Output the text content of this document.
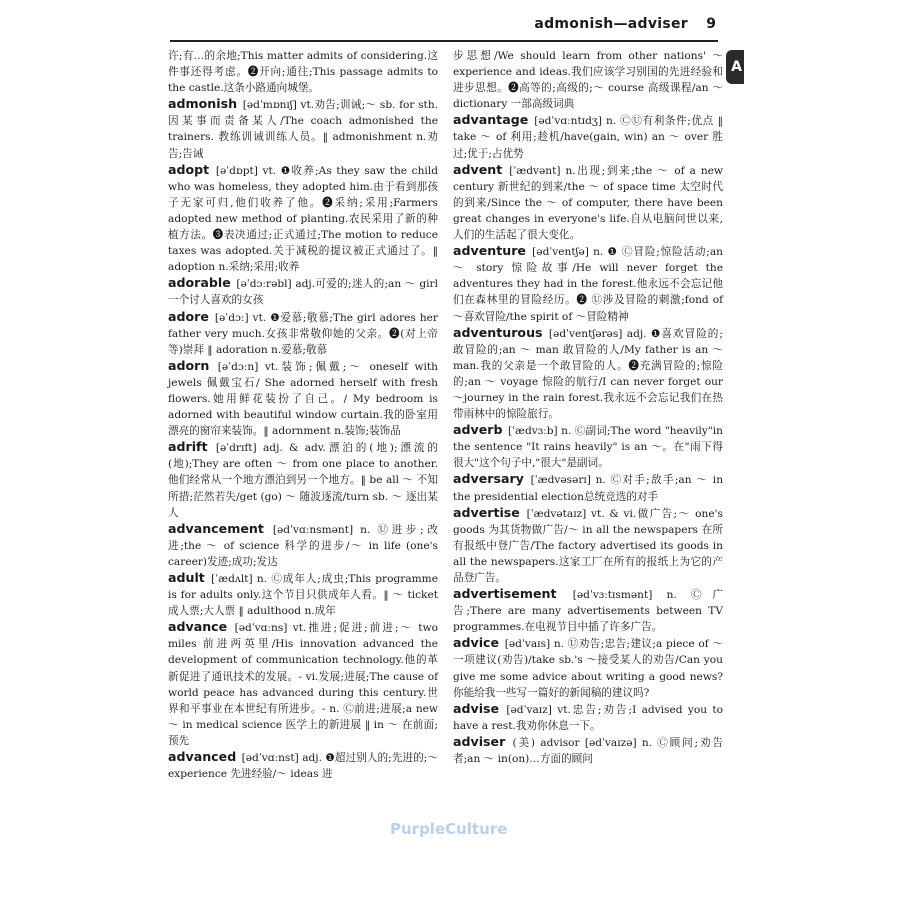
admonish—adviser 9
A
许;有…的余地;This matter admits of considering.这件事还得考虑。❷开向;通往;This passage admits to the castle.这条小路通向城堡。
admonish [ədˈmɒnɪʃ] vt.劝告;训诫;～ sb. for sth. 因某事而责备某人/The coach admonished the trainers. 教练训诫训练人员。‖ admonishment n.劝告;告诫
adopt [əˈdɒpt] vt. ❶收养;As they saw the child who was homeless, they adopted him.由于看到那孩子无家可归,他们收养了他。❷采纳;采用;Farmers adopted new method of planting.农民采用了新的种植方法。❸表决通过;正式通过;The motion to reduce taxes was adopted.关于减税的提议被正式通过了。‖ adoption n.采纳;采用;收养
adorable [əˈdɔːrəbl] adj.可爱的;迷人的;an ～ girl 一个讨人喜欢的女孩
adore [əˈdɔː] vt. ❶爱慕;敬慕;The girl adores her father very much.女孩非常敬仰她的父亲。❷(对上帝等)崇拜 ‖ adoration n.爱慕;敬慕
adorn [əˈdɔːn] vt.装饰;佩戴;～ oneself with jewels 佩戴宝石/ She adorned herself with fresh flowers.她用鲜花装扮了自己。/ My bedroom is adorned with beautiful window curtain.我的卧室用漂亮的窗帘来装饰。‖ adornment n.装饰;装饰品
adrift [əˈdrɪft] adj. & adv.漂泊的(地);漂流的(地);They are often ～ from one place to another.他们经常从一个地方漂泊到另一个地方。‖ be all ～ 不知所措;茫然若失/get (go) ～ 随波逐流/turn sb. ～ 逐出某人
advancement [ədˈvɑːnsmənt] n. Ⓤ进步;改进;the ～ of science 科学的进步/～ in life (one's career)发迹;成功;发达
adult [ˈædʌlt] n. Ⓒ成年人;成虫;This programme is for adults only.这个节目只供成年人看。‖ ～ ticket 成人票;大人票 ‖ adulthood n.成年
advance [ədˈvɑːns] vt.推进;促进;前进;～ two miles 前进两英里/His innovation advanced the development of communication technology.他的革新促进了通讯技术的发展。- vi.发展;进展;The cause of world peace has advanced during this century.世界和平事业在本世纪有所进步。- n. Ⓒ前进;进展;a new ～ in medical science 医学上的新进展 ‖ in ～ 在前面;预先
advanced [ədˈvɑːnst] adj. ❶超过别人的;先进的;～ experience 先进经验/～ ideas 进
步思想/We should learn from other nations' ～ experience and ideas.我们应该学习别国的先进经验和进步思想。❷高等的;高级的;～ course 高级课程/an ～ dictionary 一部高级词典
advantage [ədˈvɑːntɪdʒ] n. ⒸⓊ有利条件;优点 ‖ take ～ of 利用;趁机/have(gain, win) an ～ over 胜过;优于;占优势
advent [ˈædvənt] n.出现;到来;the ～ of a new century 新世纪的到来/the ～ of space time 太空时代的到来/Since the ～ of computer, there have been great changes in everyone's life.自从电脑问世以来,人们的生活起了很大变化。
adventure [ədˈventʃə] n. ❶ Ⓒ冒险;惊险活动;an ～ story 惊险故事/He will never forget the adventures they had in the forest.他永远不会忘记他们在森林里的冒险经历。❷ Ⓤ涉及冒险的刺激;fond of ～喜欢冒险/the spirit of ～冒险精神
adventurous [ədˈventʃərəs] adj. ❶喜欢冒险的;敢冒险的;an ～ man 敢冒险的人/My father is an ～ man.我的父亲是一个敢冒险的人。❷充满冒险的;惊险的;an ～ voyage 惊险的航行/I can never forget our ～journey in the rain forest.我永远不会忘记我们在热带雨林中的惊险旅行。
adverb [ˈædvɜːb] n. Ⓒ副词;The word "heavily"in the sentence "It rains heavily" is an ～。在"雨下得很大"这个句子中,"很大"是副词。
adversary [ˈædvəsərɪ] n. Ⓒ对手;敌手;an ～ in the presidential election总统竞选的对手
advertise [ˈædvətaɪz] vt. & vi.做广告;～ one's goods 为其货物做广告/～ in all the newspapers 在所有报纸中登广告/The factory advertised its goods in all the newspapers.这家工厂在所有的报纸上为它的产品登广告。
advertisement [ədˈvɜːtɪsmənt] n. Ⓒ广告;There are many advertisements between TV programmes.在电视节目中插了许多广告。
advice [ədˈvaɪs] n. Ⓤ劝告;忠告;建议;a piece of ～一项建议(劝告)/take sb.'s ～接受某人的劝告/Can you give me some advice about writing a good news? 你能给我一些写一篇好的新闻稿的建议吗?
advise [ədˈvaɪz] vt.忠告;劝告;I advised you to have a rest.我劝你休息一下。
adviser (美) advisor [ədˈvaɪzə] n. Ⓒ顾问;劝告者;an ～ in(on)…方面的顾问
PurpleCulture
